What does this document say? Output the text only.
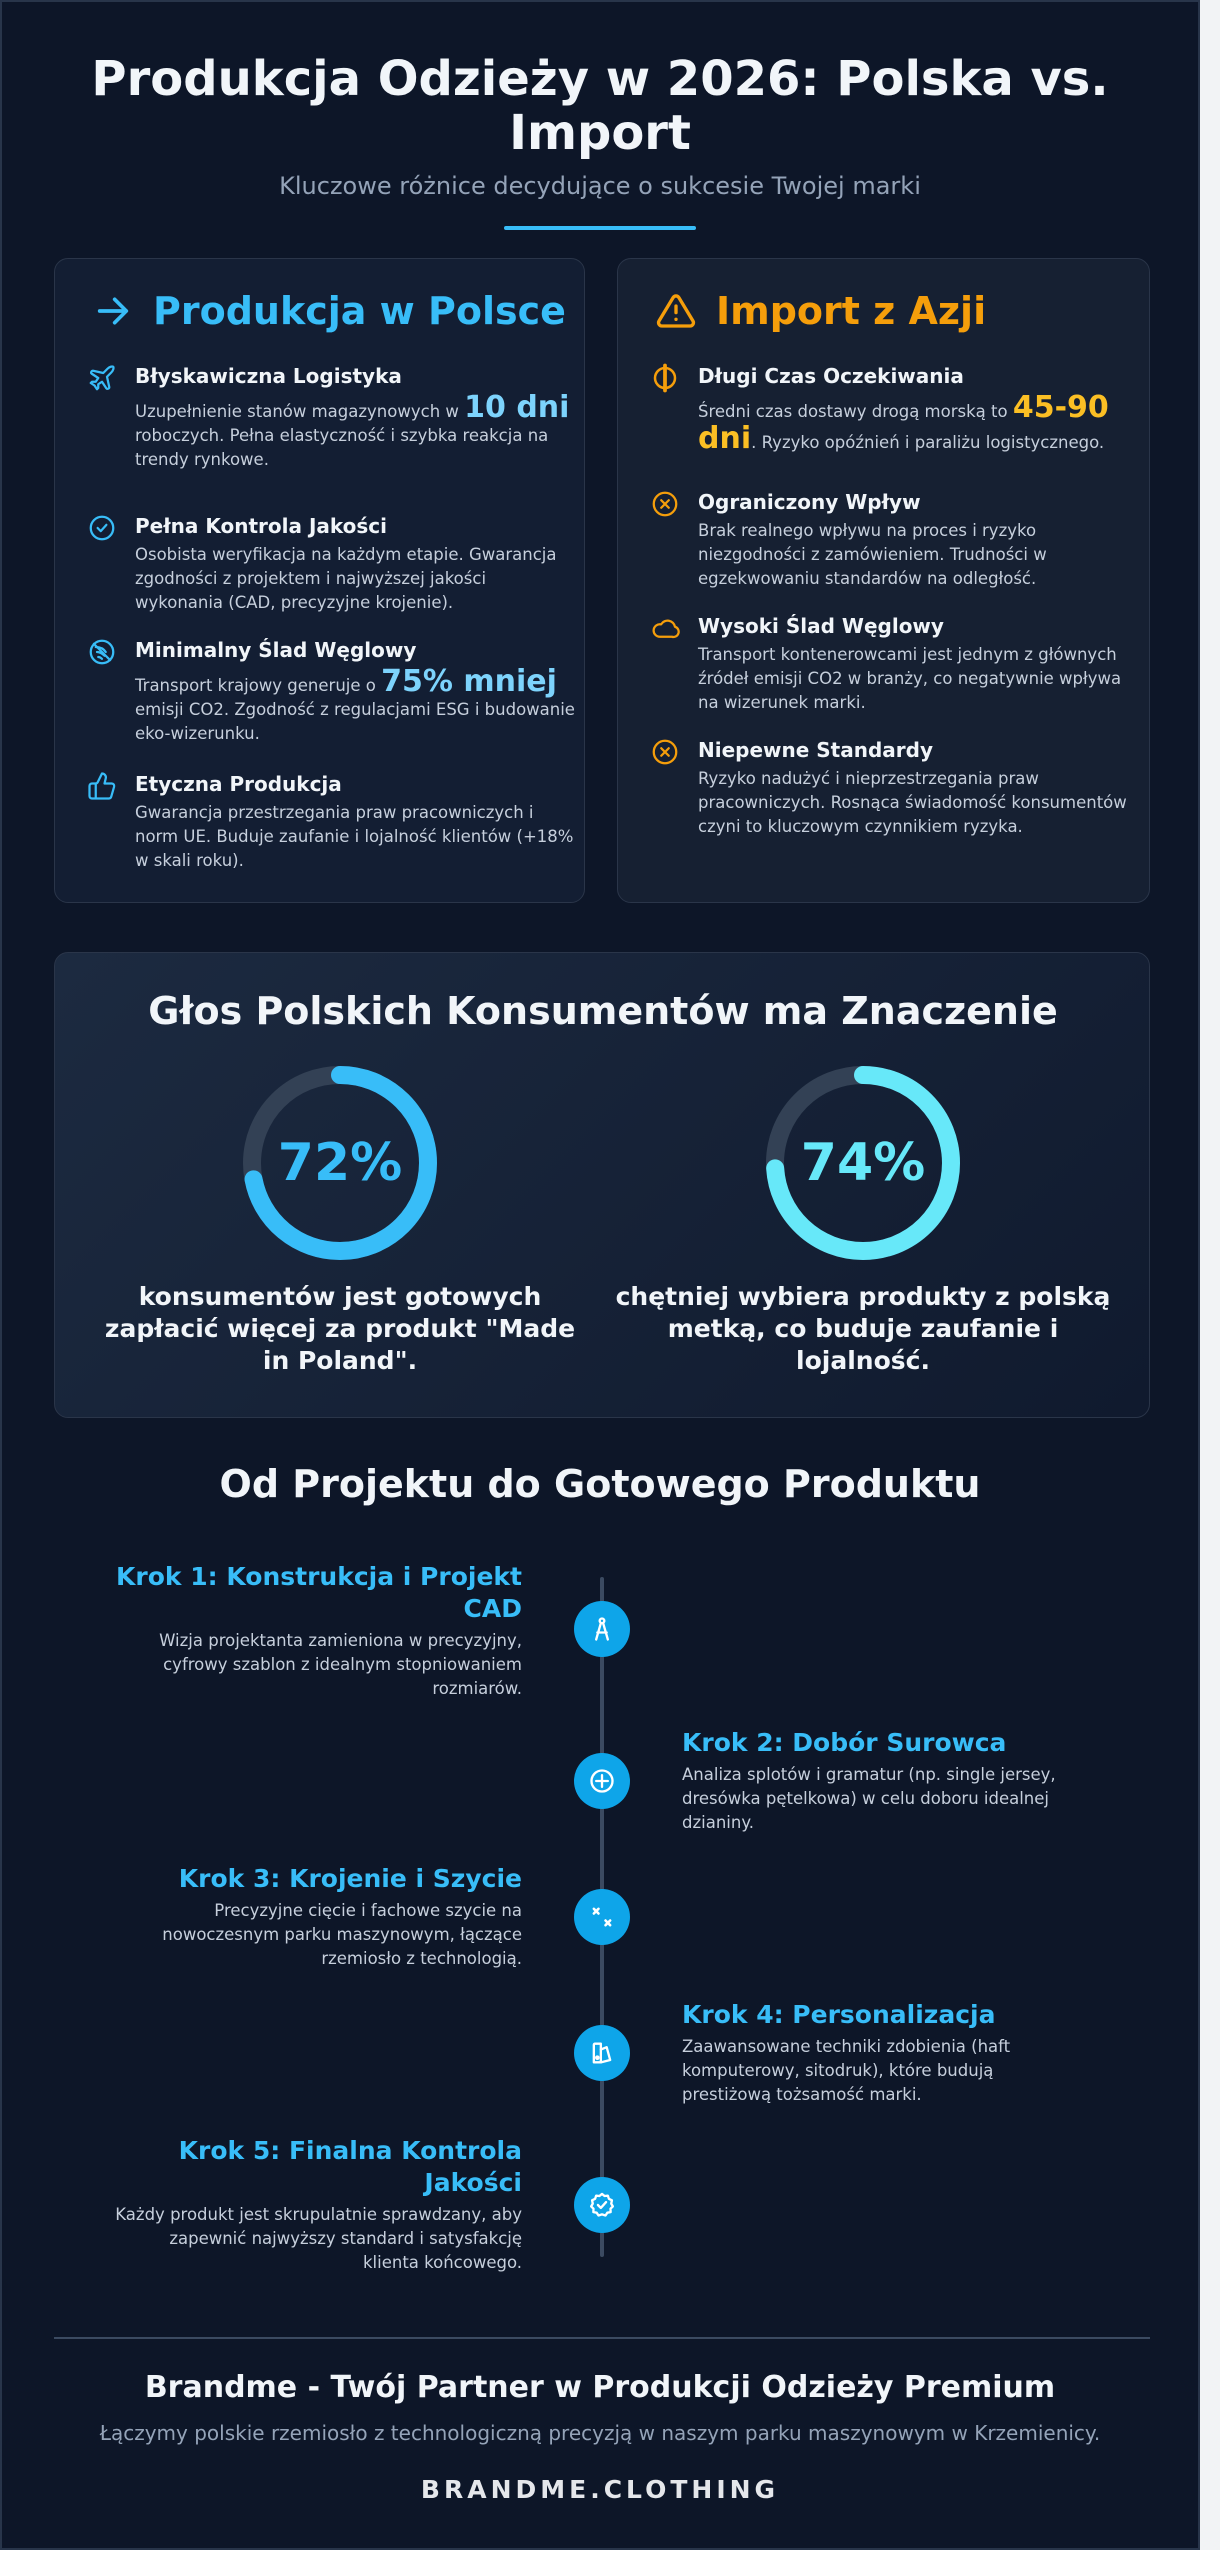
Produkcja Odzieży w 2026: Polska vs. Import
Kluczowe różnice decydujące o sukcesie Twojej marki
Produkcja w Polsce
Błyskawiczna Logistyka
Uzupełnienie stanów magazynowych w 10 dni roboczych. Pełna elastyczność i szybka reakcja na trendy rynkowe.
Pełna Kontrola Jakości
Osobista weryfikacja na każdym etapie. Gwarancja zgodności z projektem i najwyższej jakości wykonania (CAD, precyzyjne krojenie).
Minimalny Ślad Węglowy
Transport krajowy generuje o 75% mniej emisji CO2. Zgodność z regulacjami ESG i budowanie eko-wizerunku.
Etyczna Produkcja
Gwarancja przestrzegania praw pracowniczych i norm UE. Buduje zaufanie i lojalność klientów (+18% w skali roku).
Import z Azji
Długi Czas Oczekiwania
Średni czas dostawy drogą morską to 45-90 dni. Ryzyko opóźnień i paraliżu logistycznego.
Ograniczony Wpływ
Brak realnego wpływu na proces i ryzyko niezgodności z zamówieniem. Trudności w egzekwowaniu standardów na odległość.
Wysoki Ślad Węglowy
Transport kontenerowcami jest jednym z głównych źródeł emisji CO2 w branży, co negatywnie wpływa na wizerunek marki.
Niepewne Standardy
Ryzyko nadużyć i nieprzestrzegania praw pracowniczych. Rosnąca świadomość konsumentów czyni to kluczowym czynnikiem ryzyka.
Głos Polskich Konsumentów ma Znaczenie
72%
konsumentów jest gotowych zapłacić więcej za produkt "Made in Poland".
74%
chętniej wybiera produkty z polską metką, co buduje zaufanie i lojalność.
Od Projektu do Gotowego Produktu
Krok 1: Konstrukcja i Projekt CAD
Wizja projektanta zamieniona w precyzyjny, cyfrowy szablon z idealnym stopniowaniem rozmiarów.
Krok 2: Dobór Surowca
Analiza splotów i gramatur (np. single jersey, dresówka pętelkowa) w celu doboru idealnej dzianiny.
Krok 3: Krojenie i Szycie
Precyzyjne cięcie i fachowe szycie na nowoczesnym parku maszynowym, łączące rzemiosło z technologią.
Krok 4: Personalizacja
Zaawansowane techniki zdobienia (haft komputerowy, sitodruk), które budują prestiżową tożsamość marki.
Krok 5: Finalna Kontrola Jakości
Każdy produkt jest skrupulatnie sprawdzany, aby zapewnić najwyższy standard i satysfakcję klienta końcowego.
Brandme - Twój Partner w Produkcji Odzieży Premium
Łączymy polskie rzemiosło z technologiczną precyzją w naszym parku maszynowym w Krzemienicy.
BRANDME.CLOTHING
